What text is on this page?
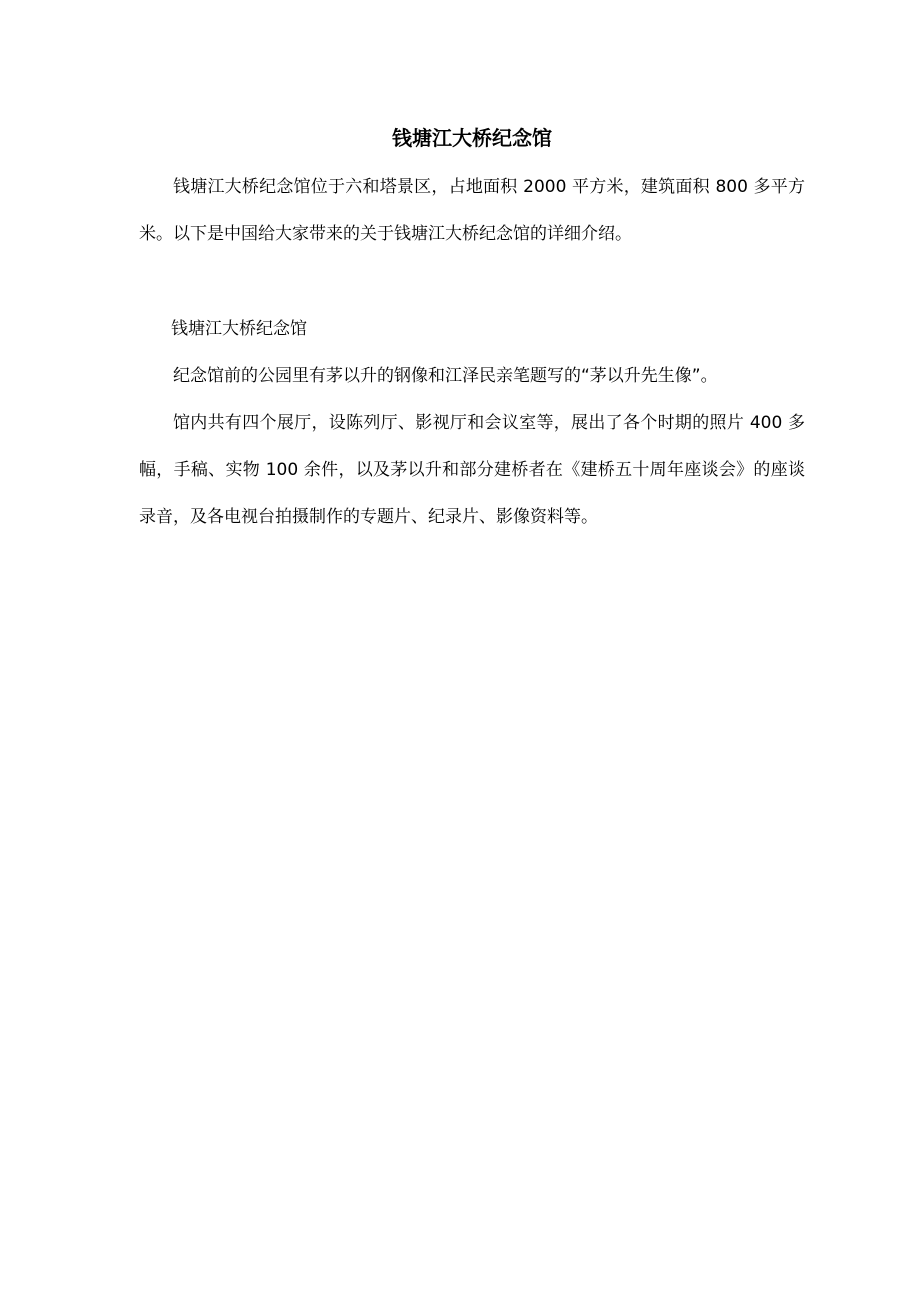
钱塘江大桥纪念馆

钱塘江大桥纪念馆位于六和塔景区，占地面积 2000 平方米，建筑面积 800 多平方米。以下是中国给大家带来的关于钱塘江大桥纪念馆的详细介绍。

钱塘江大桥纪念馆

纪念馆前的公园里有茅以升的钢像和江泽民亲笔题写的“茅以升先生像”。

馆内共有四个展厅，设陈列厅、影视厅和会议室等，展出了各个时期的照片 400 多幅，手稿、实物 100 余件，以及茅以升和部分建桥者在《建桥五十周年座谈会》的座谈录音，及各电视台拍摄制作的专题片、纪录片、影像资料等。
